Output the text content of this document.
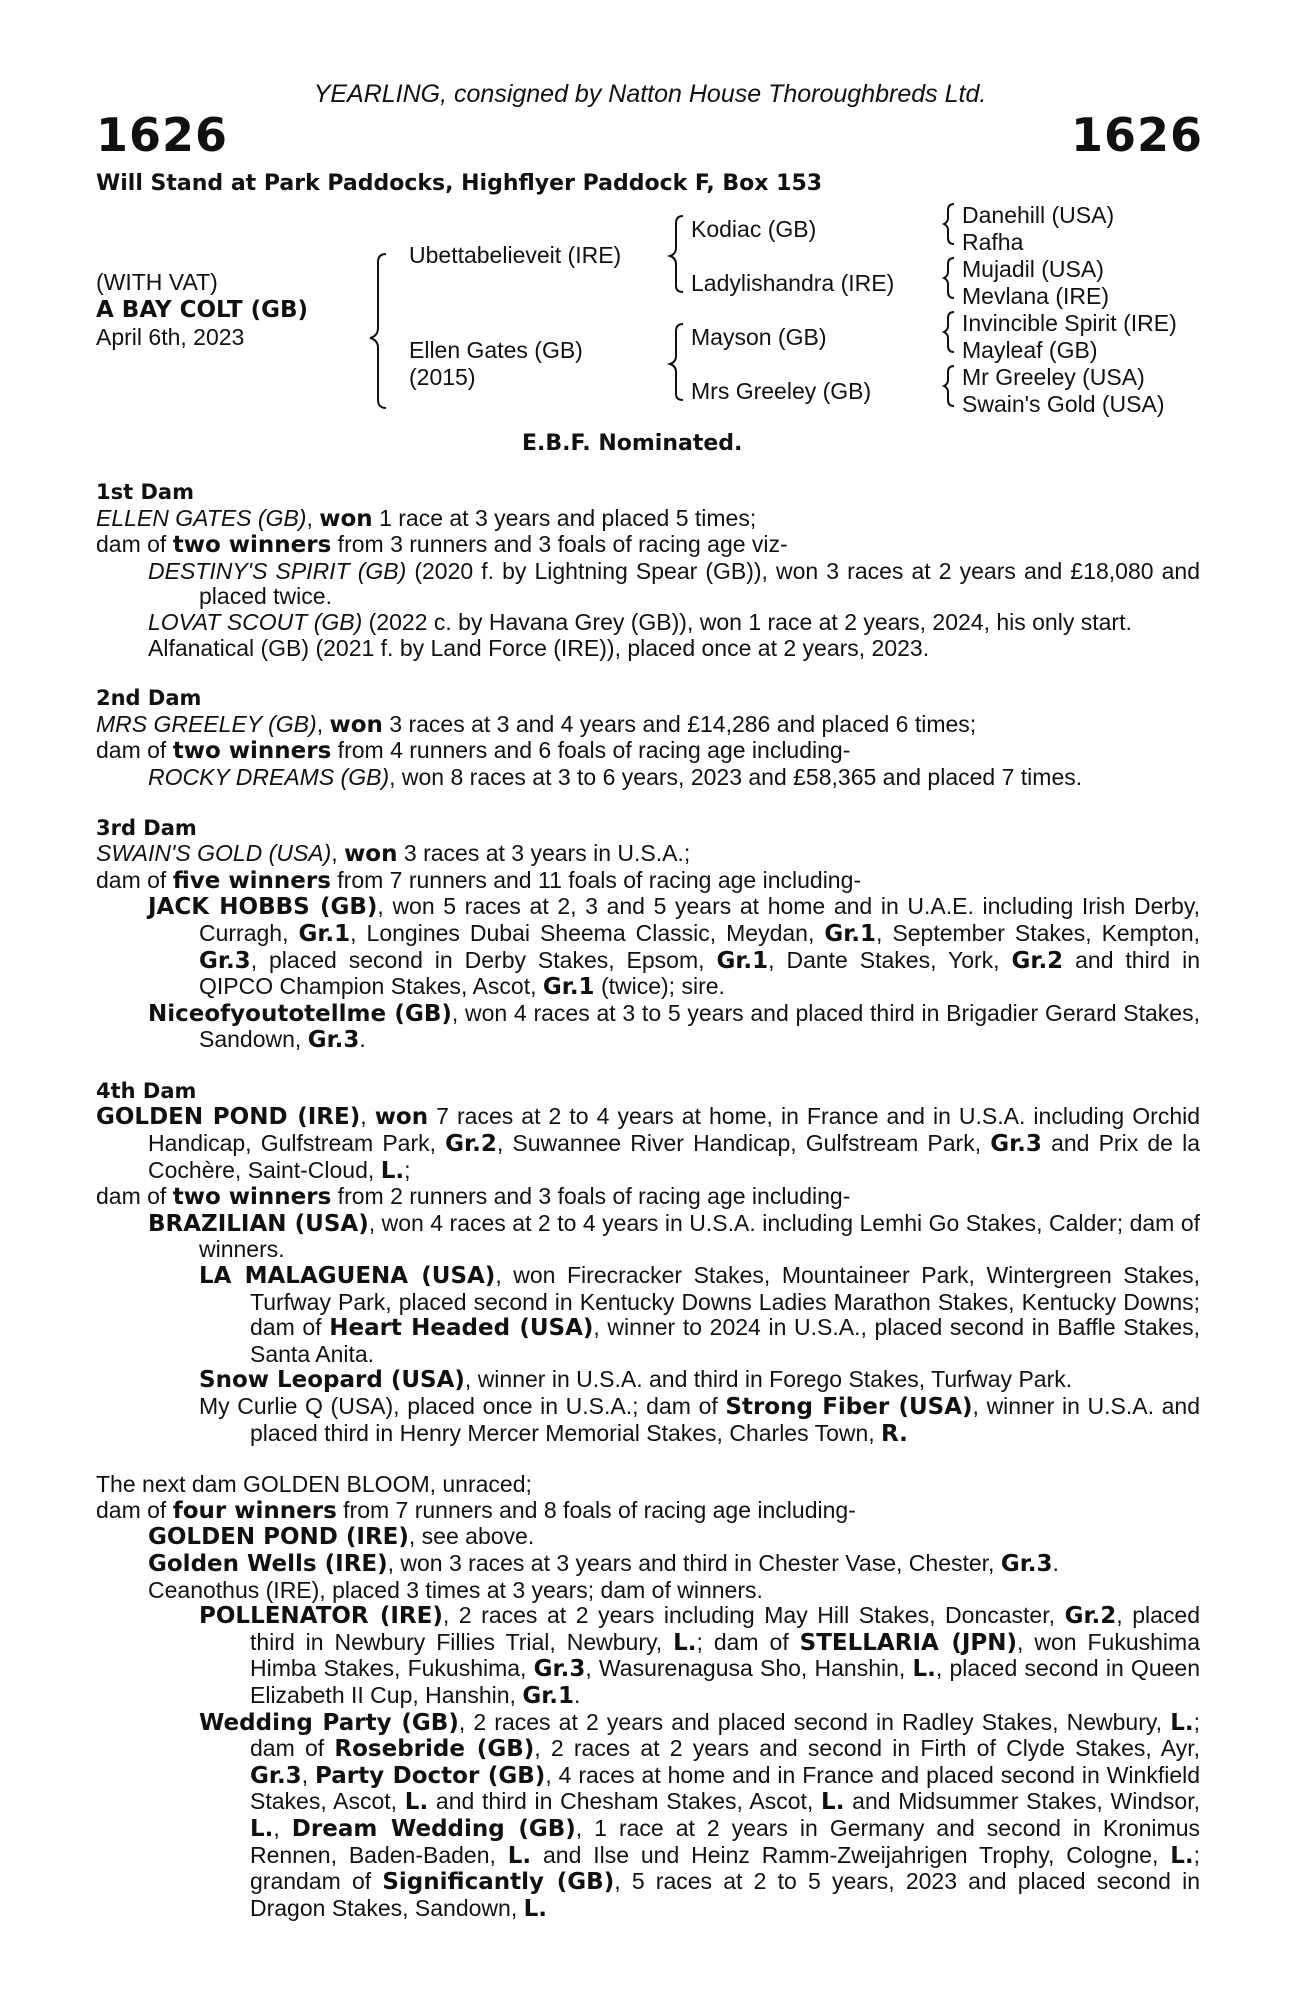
YEARLING, consigned by Natton House Thoroughbreds Ltd.
1626	1626
Will Stand at Park Paddocks, Highflyer Paddock F, Box 153
(WITH VAT)
A BAY COLT (GB)
April 6th, 2023
Ubettabelieveit (IRE)
Ellen Gates (GB)
(2015)
Kodiac (GB)
Ladylishandra (IRE)
Mayson (GB)
Mrs Greeley (GB)
Danehill (USA)
Rafha
Mujadil (USA)
Mevlana (IRE)
Invincible Spirit (IRE)
Mayleaf (GB)
Mr Greeley (USA)
Swain's Gold (USA)
E.B.F. Nominated.
1st Dam
ELLEN GATES (GB), won 1 race at 3 years and placed 5 times;
dam of two winners from 3 runners and 3 foals of racing age viz-
DESTINY'S SPIRIT (GB) (2020 f. by Lightning Spear (GB)), won 3 races at 2 years and £18,080 and placed twice.
LOVAT SCOUT (GB) (2022 c. by Havana Grey (GB)), won 1 race at 2 years, 2024, his only start.
Alfanatical (GB) (2021 f. by Land Force (IRE)), placed once at 2 years, 2023.
2nd Dam
MRS GREELEY (GB), won 3 races at 3 and 4 years and £14,286 and placed 6 times;
dam of two winners from 4 runners and 6 foals of racing age including-
ROCKY DREAMS (GB), won 8 races at 3 to 6 years, 2023 and £58,365 and placed 7 times.
3rd Dam
SWAIN'S GOLD (USA), won 3 races at 3 years in U.S.A.;
dam of five winners from 7 runners and 11 foals of racing age including-
JACK HOBBS (GB), won 5 races at 2, 3 and 5 years at home and in U.A.E. including Irish Derby, Curragh, Gr.1, Longines Dubai Sheema Classic, Meydan, Gr.1, September Stakes, Kempton, Gr.3, placed second in Derby Stakes, Epsom, Gr.1, Dante Stakes, York, Gr.2 and third in QIPCO Champion Stakes, Ascot, Gr.1 (twice); sire.
Niceofyoutotellme (GB), won 4 races at 3 to 5 years and placed third in Brigadier Gerard Stakes, Sandown, Gr.3.
4th Dam
GOLDEN POND (IRE), won 7 races at 2 to 4 years at home, in France and in U.S.A. including Orchid Handicap, Gulfstream Park, Gr.2, Suwannee River Handicap, Gulfstream Park, Gr.3 and Prix de la Cochère, Saint-Cloud, L.;
dam of two winners from 2 runners and 3 foals of racing age including-
BRAZILIAN (USA), won 4 races at 2 to 4 years in U.S.A. including Lemhi Go Stakes, Calder; dam of winners.
LA MALAGUENA (USA), won Firecracker Stakes, Mountaineer Park, Wintergreen Stakes, Turfway Park, placed second in Kentucky Downs Ladies Marathon Stakes, Kentucky Downs; dam of Heart Headed (USA), winner to 2024 in U.S.A., placed second in Baffle Stakes, Santa Anita.
Snow Leopard (USA), winner in U.S.A. and third in Forego Stakes, Turfway Park.
My Curlie Q (USA), placed once in U.S.A.; dam of Strong Fiber (USA), winner in U.S.A. and placed third in Henry Mercer Memorial Stakes, Charles Town, R.
The next dam GOLDEN BLOOM, unraced;
dam of four winners from 7 runners and 8 foals of racing age including-
GOLDEN POND (IRE), see above.
Golden Wells (IRE), won 3 races at 3 years and third in Chester Vase, Chester, Gr.3.
Ceanothus (IRE), placed 3 times at 3 years; dam of winners.
POLLENATOR (IRE), 2 races at 2 years including May Hill Stakes, Doncaster, Gr.2, placed third in Newbury Fillies Trial, Newbury, L.; dam of STELLARIA (JPN), won Fukushima Himba Stakes, Fukushima, Gr.3, Wasurenagusa Sho, Hanshin, L., placed second in Queen Elizabeth II Cup, Hanshin, Gr.1.
Wedding Party (GB), 2 races at 2 years and placed second in Radley Stakes, Newbury, L.; dam of Rosebride (GB), 2 races at 2 years and second in Firth of Clyde Stakes, Ayr, Gr.3, Party Doctor (GB), 4 races at home and in France and placed second in Winkfield Stakes, Ascot, L. and third in Chesham Stakes, Ascot, L. and Midsummer Stakes, Windsor, L., Dream Wedding (GB), 1 race at 2 years in Germany and second in Kronimus Rennen, Baden-Baden, L. and Ilse und Heinz Ramm-Zweijahrigen Trophy, Cologne, L.; grandam of Significantly (GB), 5 races at 2 to 5 years, 2023 and placed second in Dragon Stakes, Sandown, L.
